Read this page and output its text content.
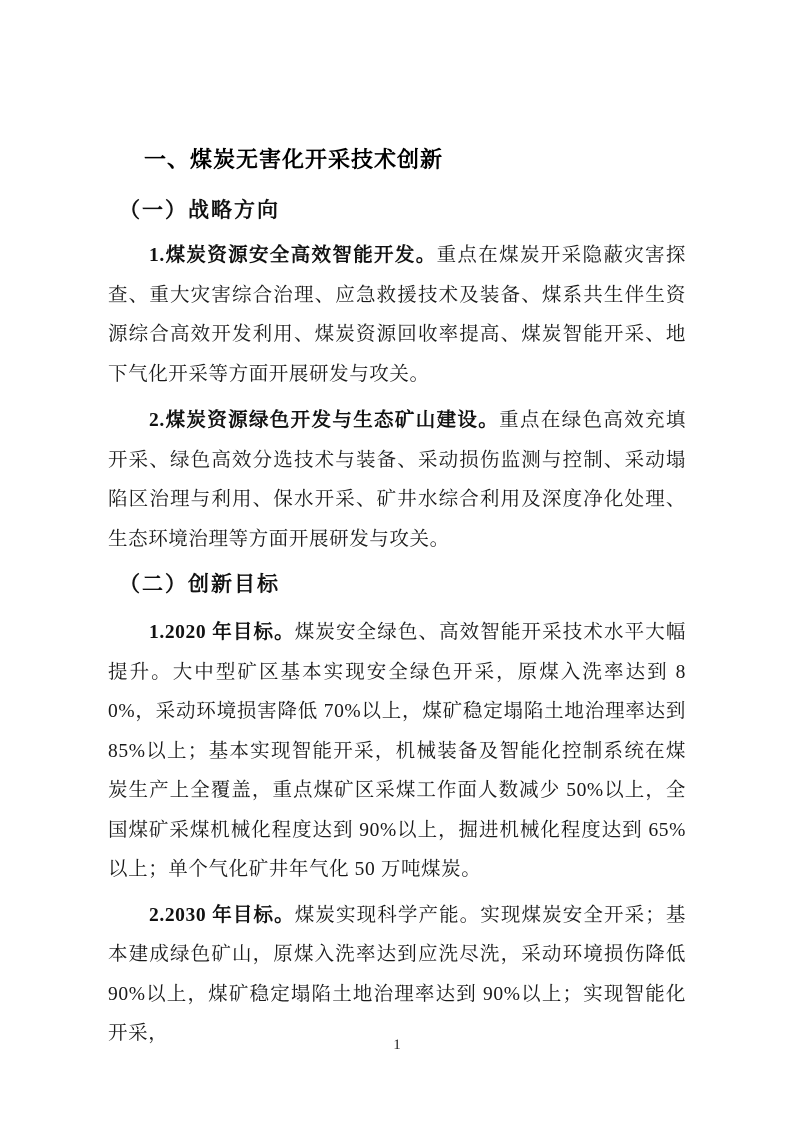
一、煤炭无害化开采技术创新
（一）战略方向

1.煤炭资源安全高效智能开发。重点在煤炭开采隐蔽灾害探查、重大灾害综合治理、应急救援技术及装备、煤系共生伴生资源综合高效开发利用、煤炭资源回收率提高、煤炭智能开采、地下气化开采等方面开展研发与攻关。

2.煤炭资源绿色开发与生态矿山建设。重点在绿色高效充填开采、绿色高效分选技术与装备、采动损伤监测与控制、采动塌陷区治理与利用、保水开采、矿井水综合利用及深度净化处理、生态环境治理等方面开展研发与攻关。

（二）创新目标

1.2020 年目标。煤炭安全绿色、高效智能开采技术水平大幅提升。大中型矿区基本实现安全绿色开采，原煤入洗率达到 80%，采动环境损害降低 70%以上，煤矿稳定塌陷土地治理率达到 85%以上；基本实现智能开采，机械装备及智能化控制系统在煤炭生产上全覆盖，重点煤矿区采煤工作面人数减少 50%以上，全国煤矿采煤机械化程度达到 90%以上，掘进机械化程度达到 65%以上；单个气化矿井年气化 50 万吨煤炭。

2.2030 年目标。煤炭实现科学产能。实现煤炭安全开采；基本建成绿色矿山，原煤入洗率达到应洗尽洗，采动环境损伤降低 90%以上，煤矿稳定塌陷土地治理率达到 90%以上；实现智能化开采，

1
